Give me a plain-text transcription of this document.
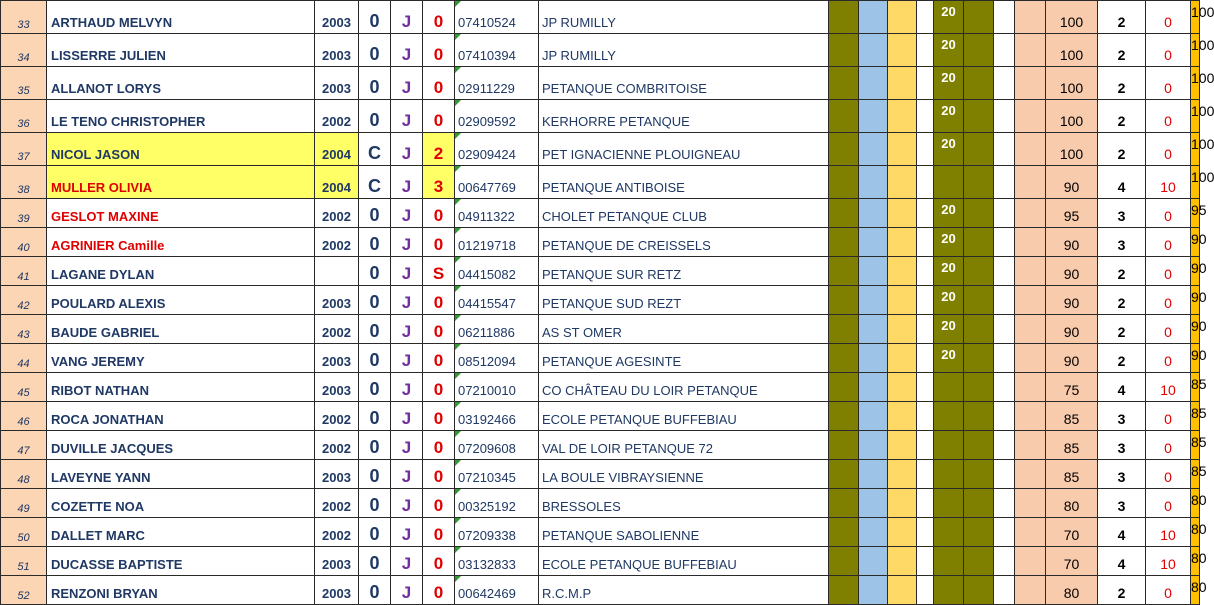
33	ARTHAUD MELVYN	2003	0	J	0	07410524	JP RUMILLY					20				100	2	0	100
34	LISSERRE JULIEN	2003	0	J	0	07410394	JP RUMILLY					20				100	2	0	100
35	ALLANOT LORYS	2003	0	J	0	02911229	PETANQUE COMBRITOISE					20				100	2	0	100
36	LE TENO CHRISTOPHER	2002	0	J	0	02909592	KERHORRE PETANQUE					20				100	2	0	100
37	NICOL JASON	2004	C	J	2	02909424	PET IGNACIENNE PLOUIGNEAU					20				100	2	0	100
38	MULLER OLIVIA	2004	C	J	3	00647769	PETANQUE ANTIBOISE									90	4	10	100
39	GESLOT MAXINE	2002	0	J	0	04911322	CHOLET PETANQUE CLUB					20				95	3	0	95
40	AGRINIER Camille	2002	0	J	0	01219718	PETANQUE DE CREISSELS					20				90	3	0	90
41	LAGANE DYLAN		0	J	S	04415082	PETANQUE SUR RETZ					20				90	2	0	90
42	POULARD ALEXIS	2003	0	J	0	04415547	PETANQUE SUD REZT					20				90	2	0	90
43	BAUDE GABRIEL	2002	0	J	0	06211886	AS ST OMER					20				90	2	0	90
44	VANG JEREMY	2003	0	J	0	08512094	PETANQUE AGESINTE					20				90	2	0	90
45	RIBOT NATHAN	2003	0	J	0	07210010	CO CHÂTEAU DU LOIR PETANQUE									75	4	10	85
46	ROCA JONATHAN	2002	0	J	0	03192466	ECOLE PETANQUE BUFFEBIAU									85	3	0	85
47	DUVILLE JACQUES	2002	0	J	0	07209608	VAL DE LOIR PETANQUE 72									85	3	0	85
48	LAVEYNE YANN	2003	0	J	0	07210345	LA BOULE VIBRAYSIENNE									85	3	0	85
49	COZETTE NOA	2002	0	J	0	00325192	BRESSOLES									80	3	0	80
50	DALLET MARC	2002	0	J	0	07209338	PETANQUE SABOLIENNE									70	4	10	80
51	DUCASSE BAPTISTE	2003	0	J	0	03132833	ECOLE PETANQUE BUFFEBIAU									70	4	10	80
52	RENZONI BRYAN	2003	0	J	0	00642469	R.C.M.P									80	2	0	80
